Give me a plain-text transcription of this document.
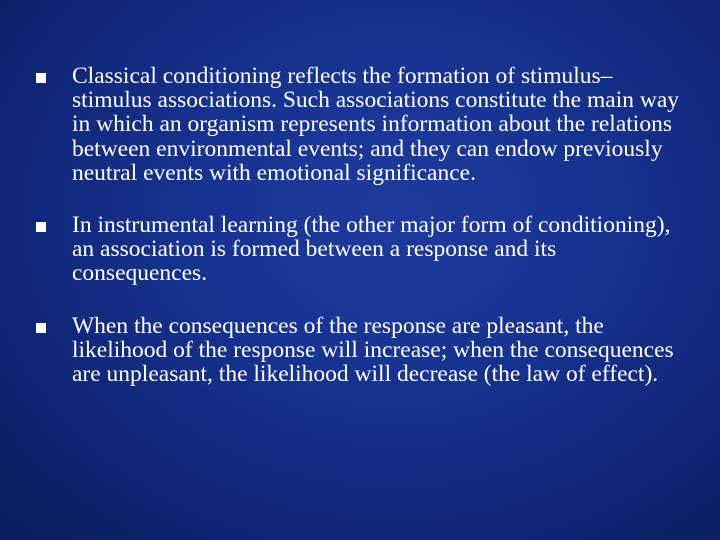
Classical conditioning reflects the formation of stimulus–stimulus associations. Such associations constitute the main way in which an organism represents information about the relations between environmental events; and they can endow previously neutral events with emotional significance.
In instrumental learning (the other major form of conditioning), an association is formed between a response and its consequences.
When the consequences of the response are pleasant, the likelihood of the response will increase; when the consequences are unpleasant, the likelihood will decrease (the law of effect).
